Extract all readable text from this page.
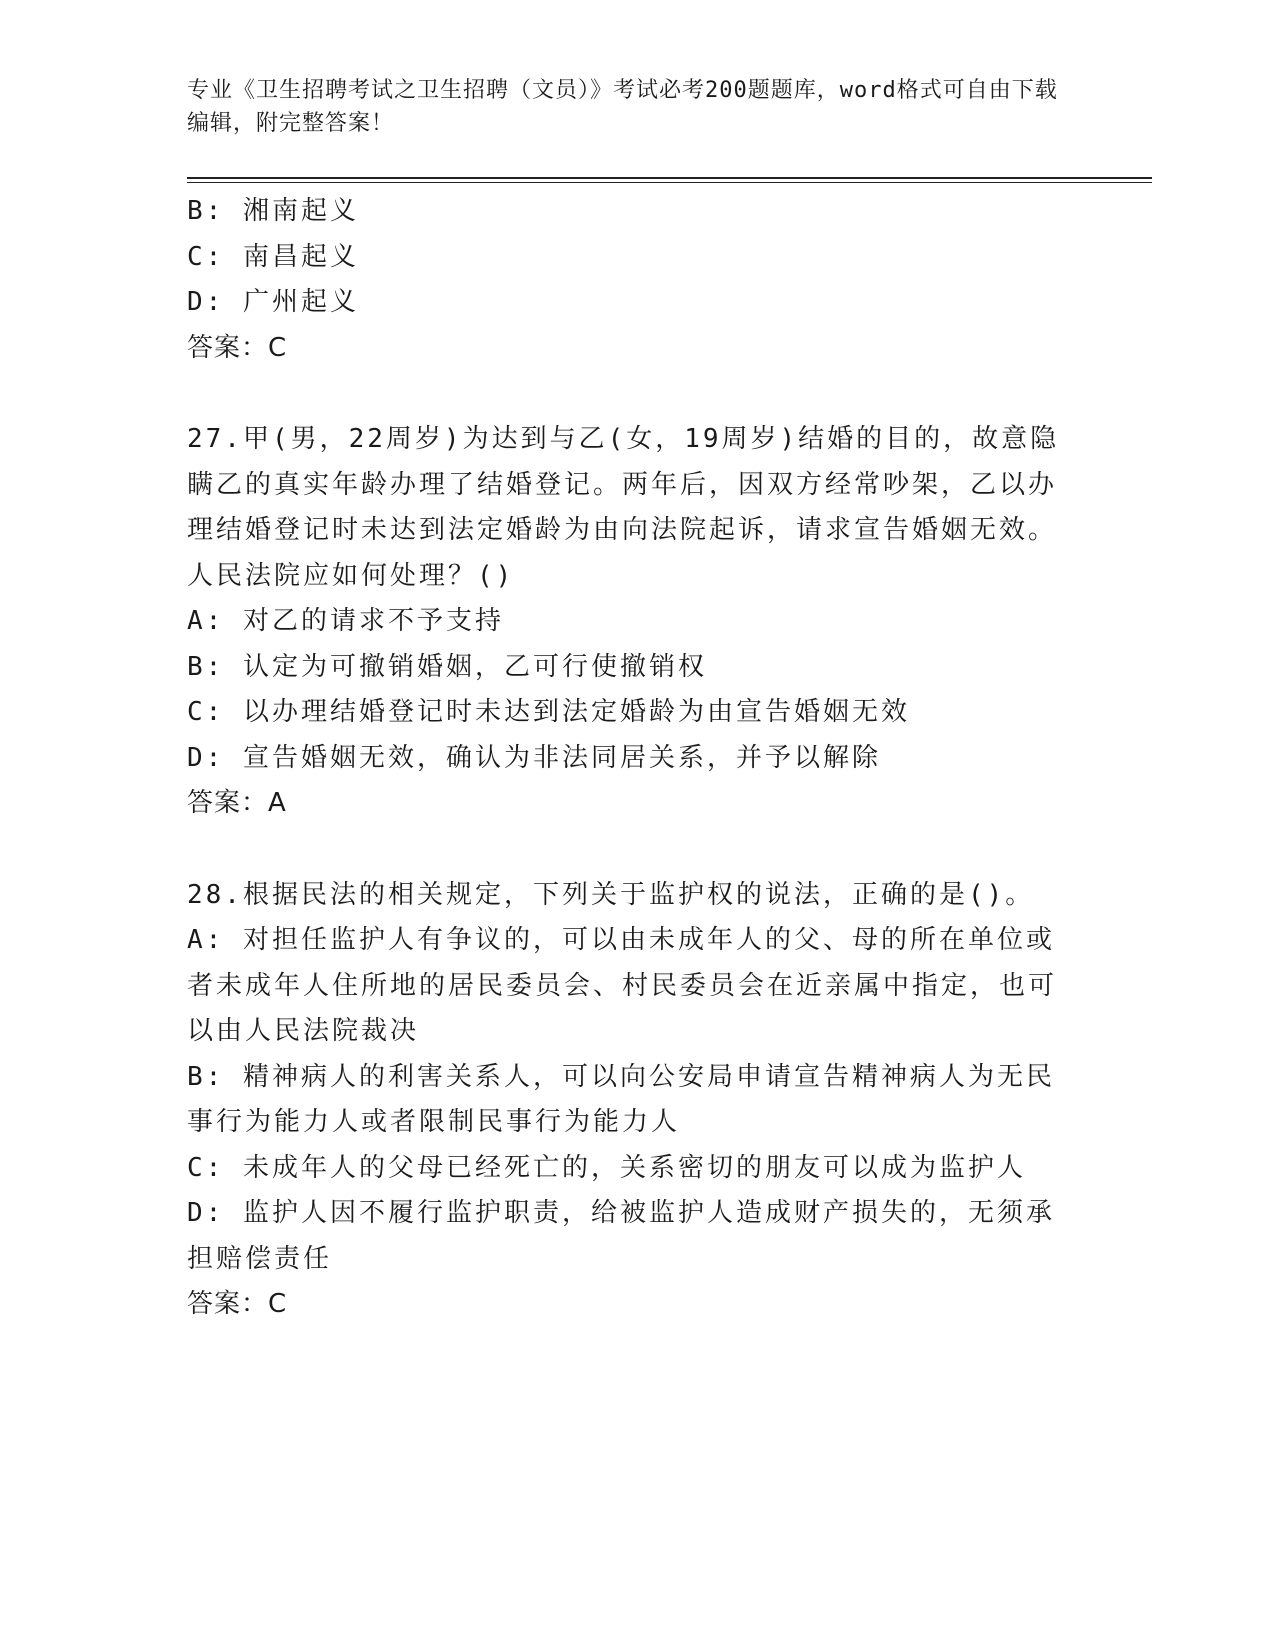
专业《卫生招聘考试之卫生招聘（文员）》考试必考200题题库，word格式可自由下载编辑，附完整答案！

B: 湘南起义

C: 南昌起义

D: 广州起义

答案：C

27.甲(男，22周岁)为达到与乙(女，19周岁)结婚的目的，故意隐瞒乙的真实年龄办理了结婚登记。两年后，因双方经常吵架，乙以办理结婚登记时未达到法定婚龄为由向法院起诉，请求宣告婚姻无效。人民法院应如何处理？()

A: 对乙的请求不予支持

B: 认定为可撤销婚姻，乙可行使撤销权

C: 以办理结婚登记时未达到法定婚龄为由宣告婚姻无效

D: 宣告婚姻无效，确认为非法同居关系，并予以解除

答案：A

28.根据民法的相关规定，下列关于监护权的说法，正确的是()。

A: 对担任监护人有争议的，可以由未成年人的父、母的所在单位或者未成年人住所地的居民委员会、村民委员会在近亲属中指定，也可以由人民法院裁决

B: 精神病人的利害关系人，可以向公安局申请宣告精神病人为无民事行为能力人或者限制民事行为能力人

C: 未成年人的父母已经死亡的，关系密切的朋友可以成为监护人

D: 监护人因不履行监护职责，给被监护人造成财产损失的，无须承担赔偿责任

答案：C
